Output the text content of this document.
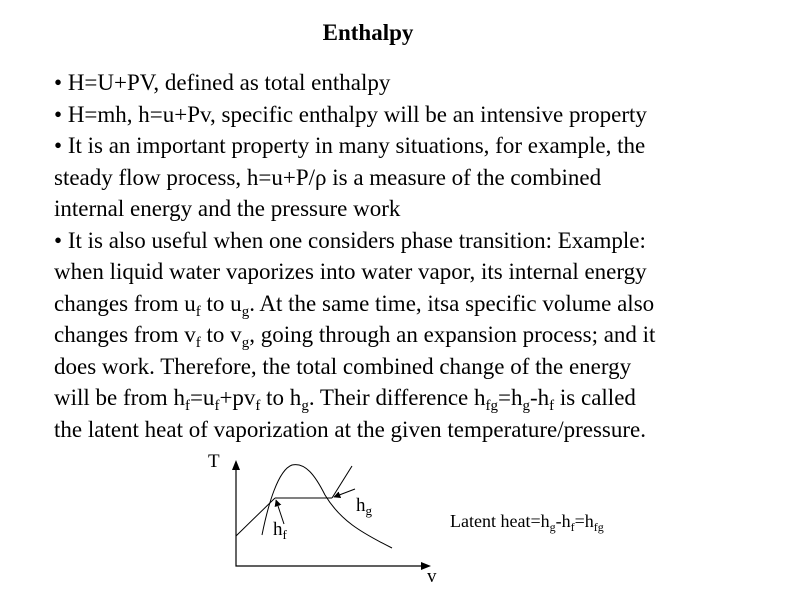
Enthalpy
• H=U+PV, defined as total enthalpy
• H=mh, h=u+Pv, specific enthalpy will be an intensive property
• It is an important property in many situations, for example, the
steady flow process, h=u+P/ρ is a measure of the combined
internal energy and the pressure work
• It is also useful when one considers phase transition: Example:
when liquid water vaporizes into water vapor, its internal energy
changes from $u_f$ to $u_g$. At the same time, itsa specific volume also
changes from $v_f$ to $v_g$, going through an expansion process; and it
does work. Therefore, the total combined change of the energy
will be from $h_f=u_f+pv_f$ to $h_g$. Their difference $h_{fg}=h_g-h_f$ is called
the latent heat of vaporization at the given temperature/pressure.
T
v
$h_g$
$h_f$
Latent $heat=h_g-h_f=h_{fg}$
